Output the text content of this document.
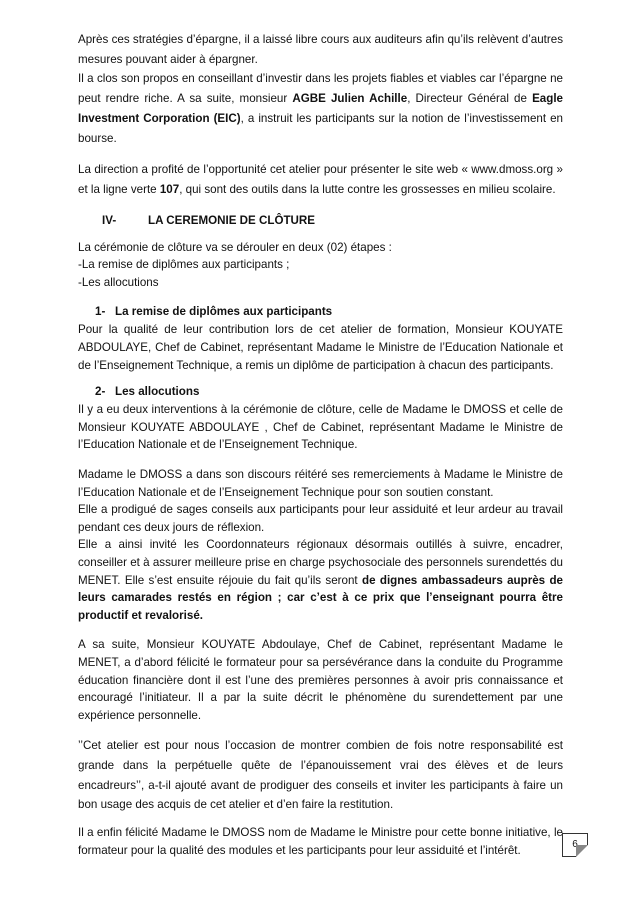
Après ces stratégies d’épargne, il a laissé libre cours aux auditeurs afin qu’ils relèvent d’autres mesures pouvant aider à épargner.

Il a clos son propos en conseillant d’investir dans les projets fiables et viables car l’épargne ne peut rendre riche. A sa suite, monsieur AGBE Julien Achille, Directeur Général de Eagle Investment Corporation (EIC), a instruit les participants sur la notion de l’investissement en bourse.

La direction a profité de l’opportunité cet atelier pour présenter le site web « www.dmoss.org » et la ligne verte 107, qui sont des outils dans la lutte contre les grossesses en milieu scolaire.

IV-	LA CEREMONIE DE CLÔTURE

La cérémonie de clôture va se dérouler en deux (02) étapes :

-La remise de diplômes aux participants ;

-Les allocutions

1- La remise de diplômes aux participants

Pour la qualité de leur contribution lors de cet atelier de formation, Monsieur KOUYATE ABDOULAYE, Chef de Cabinet, représentant Madame le Ministre de l’Education Nationale et de l’Enseignement Technique, a remis un diplôme de participation à chacun des participants.

2- Les allocutions

Il y a eu deux interventions à la cérémonie de clôture, celle de Madame le DMOSS et celle de Monsieur KOUYATE ABDOULAYE , Chef de Cabinet, représentant Madame le Ministre de l’Education Nationale et de l’Enseignement Technique.

Madame le DMOSS a dans son discours réitéré ses remerciements à Madame le Ministre de l’Education Nationale et de l’Enseignement Technique pour son soutien constant.

Elle a prodigué de sages conseils aux participants pour leur assiduité et leur ardeur au travail pendant ces deux jours de réflexion.

Elle a ainsi invité les Coordonnateurs régionaux désormais outillés à suivre, encadrer, conseiller et à assurer meilleure prise en charge psychosociale des personnels surendettés du MENET. Elle s’est ensuite réjouie du fait qu’ils seront de dignes ambassadeurs auprès de leurs camarades restés en région ; car c’est à ce prix que l’enseignant pourra être productif et revalorisé.

A sa suite, Monsieur KOUYATE Abdoulaye, Chef de Cabinet, représentant Madame le MENET, a d’abord félicité le formateur pour sa persévérance dans la conduite du Programme éducation financière dont il est l’une des premières personnes à avoir pris connaissance et encouragé l’initiateur. Il a par la suite décrit le phénomène du surendettement par une expérience personnelle.

’’Cet atelier est pour nous l’occasion de montrer combien de fois notre responsabilité est grande dans la perpétuelle quête de l’épanouissement vrai des élèves et de leurs encadreurs’’, a-t-il ajouté avant de prodiguer des conseils et inviter les participants à faire un bon usage des acquis de cet atelier et d’en faire la restitution.

Il a enfin félicité Madame le DMOSS nom de Madame le Ministre pour cette bonne initiative, le formateur pour la qualité des modules et les participants pour leur assiduité et l’intérêt.	6
